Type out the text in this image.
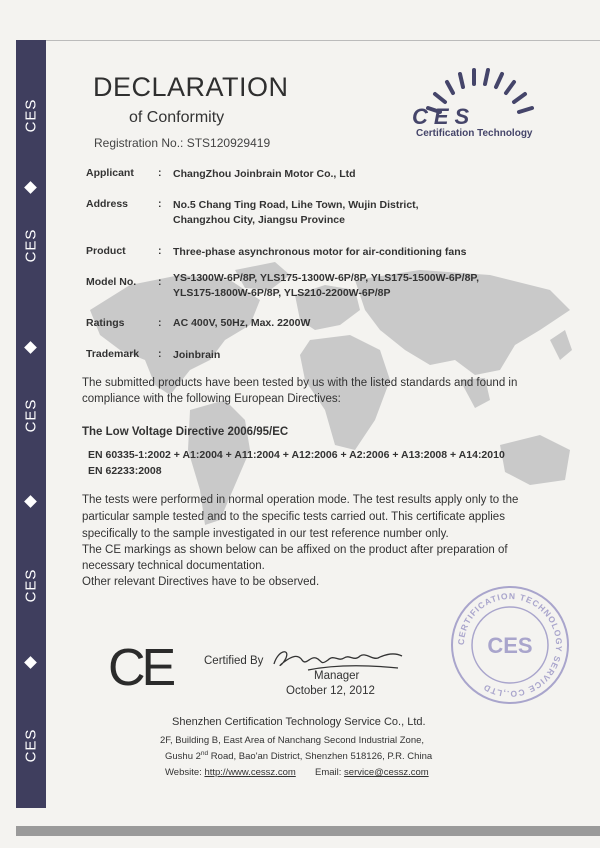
CES
CES
CES
CES
CES
DECLARATION
of Conformity
Registration No.: STS120929419
CES
Certification Technology
Applicant : ChangZhou Joinbrain Motor Co., Ltd
Address	: No.5 Chang Ting Road, Lihe Town, Wujin District,
Changzhou City, Jiangsu Province
Product	: Three-phase asynchronous motor for air-conditioning fans
Model No. : YS-1300W-6P/8P, YLS175-1300W-6P/8P, YLS175-1500W-6P/8P,
YLS175-1800W-6P/8P, YLS210-2200W-6P/8P
Ratings	: AC 400V, 50Hz, Max. 2200W
Trademark : Joinbrain
The submitted products have been tested by us with the listed standards and found in
compliance with the following European Directives:
The Low Voltage Directive 2006/95/EC
EN 60335-1:2002 + A1:2004 + A11:2004 + A12:2006 + A2:2006 + A13:2008 + A14:2010
EN 62233:2008
The tests were performed in normal operation mode. The test results apply only to the
particular sample tested and to the specific tests carried out. This certificate applies
specifically to the sample investigated in our test reference number only.
The CE markings as shown below can be affixed on the product after preparation of
necessary technical documentation.
Other relevant Directives have to be observed.
CE	Certified By
Manager
October 12, 2012
CERTIFICATION TECHNOLOGY SERVICE CO.,LTD
CES
Shenzhen Certification Technology Service Co., Ltd.
2F, Building B, East Area of Nanchang Second Industrial Zone,
Gushu 2nd Road, Bao'an District, Shenzhen 518126, P.R. China
Website: http://www.cessz.com Email: service@cessz.com
